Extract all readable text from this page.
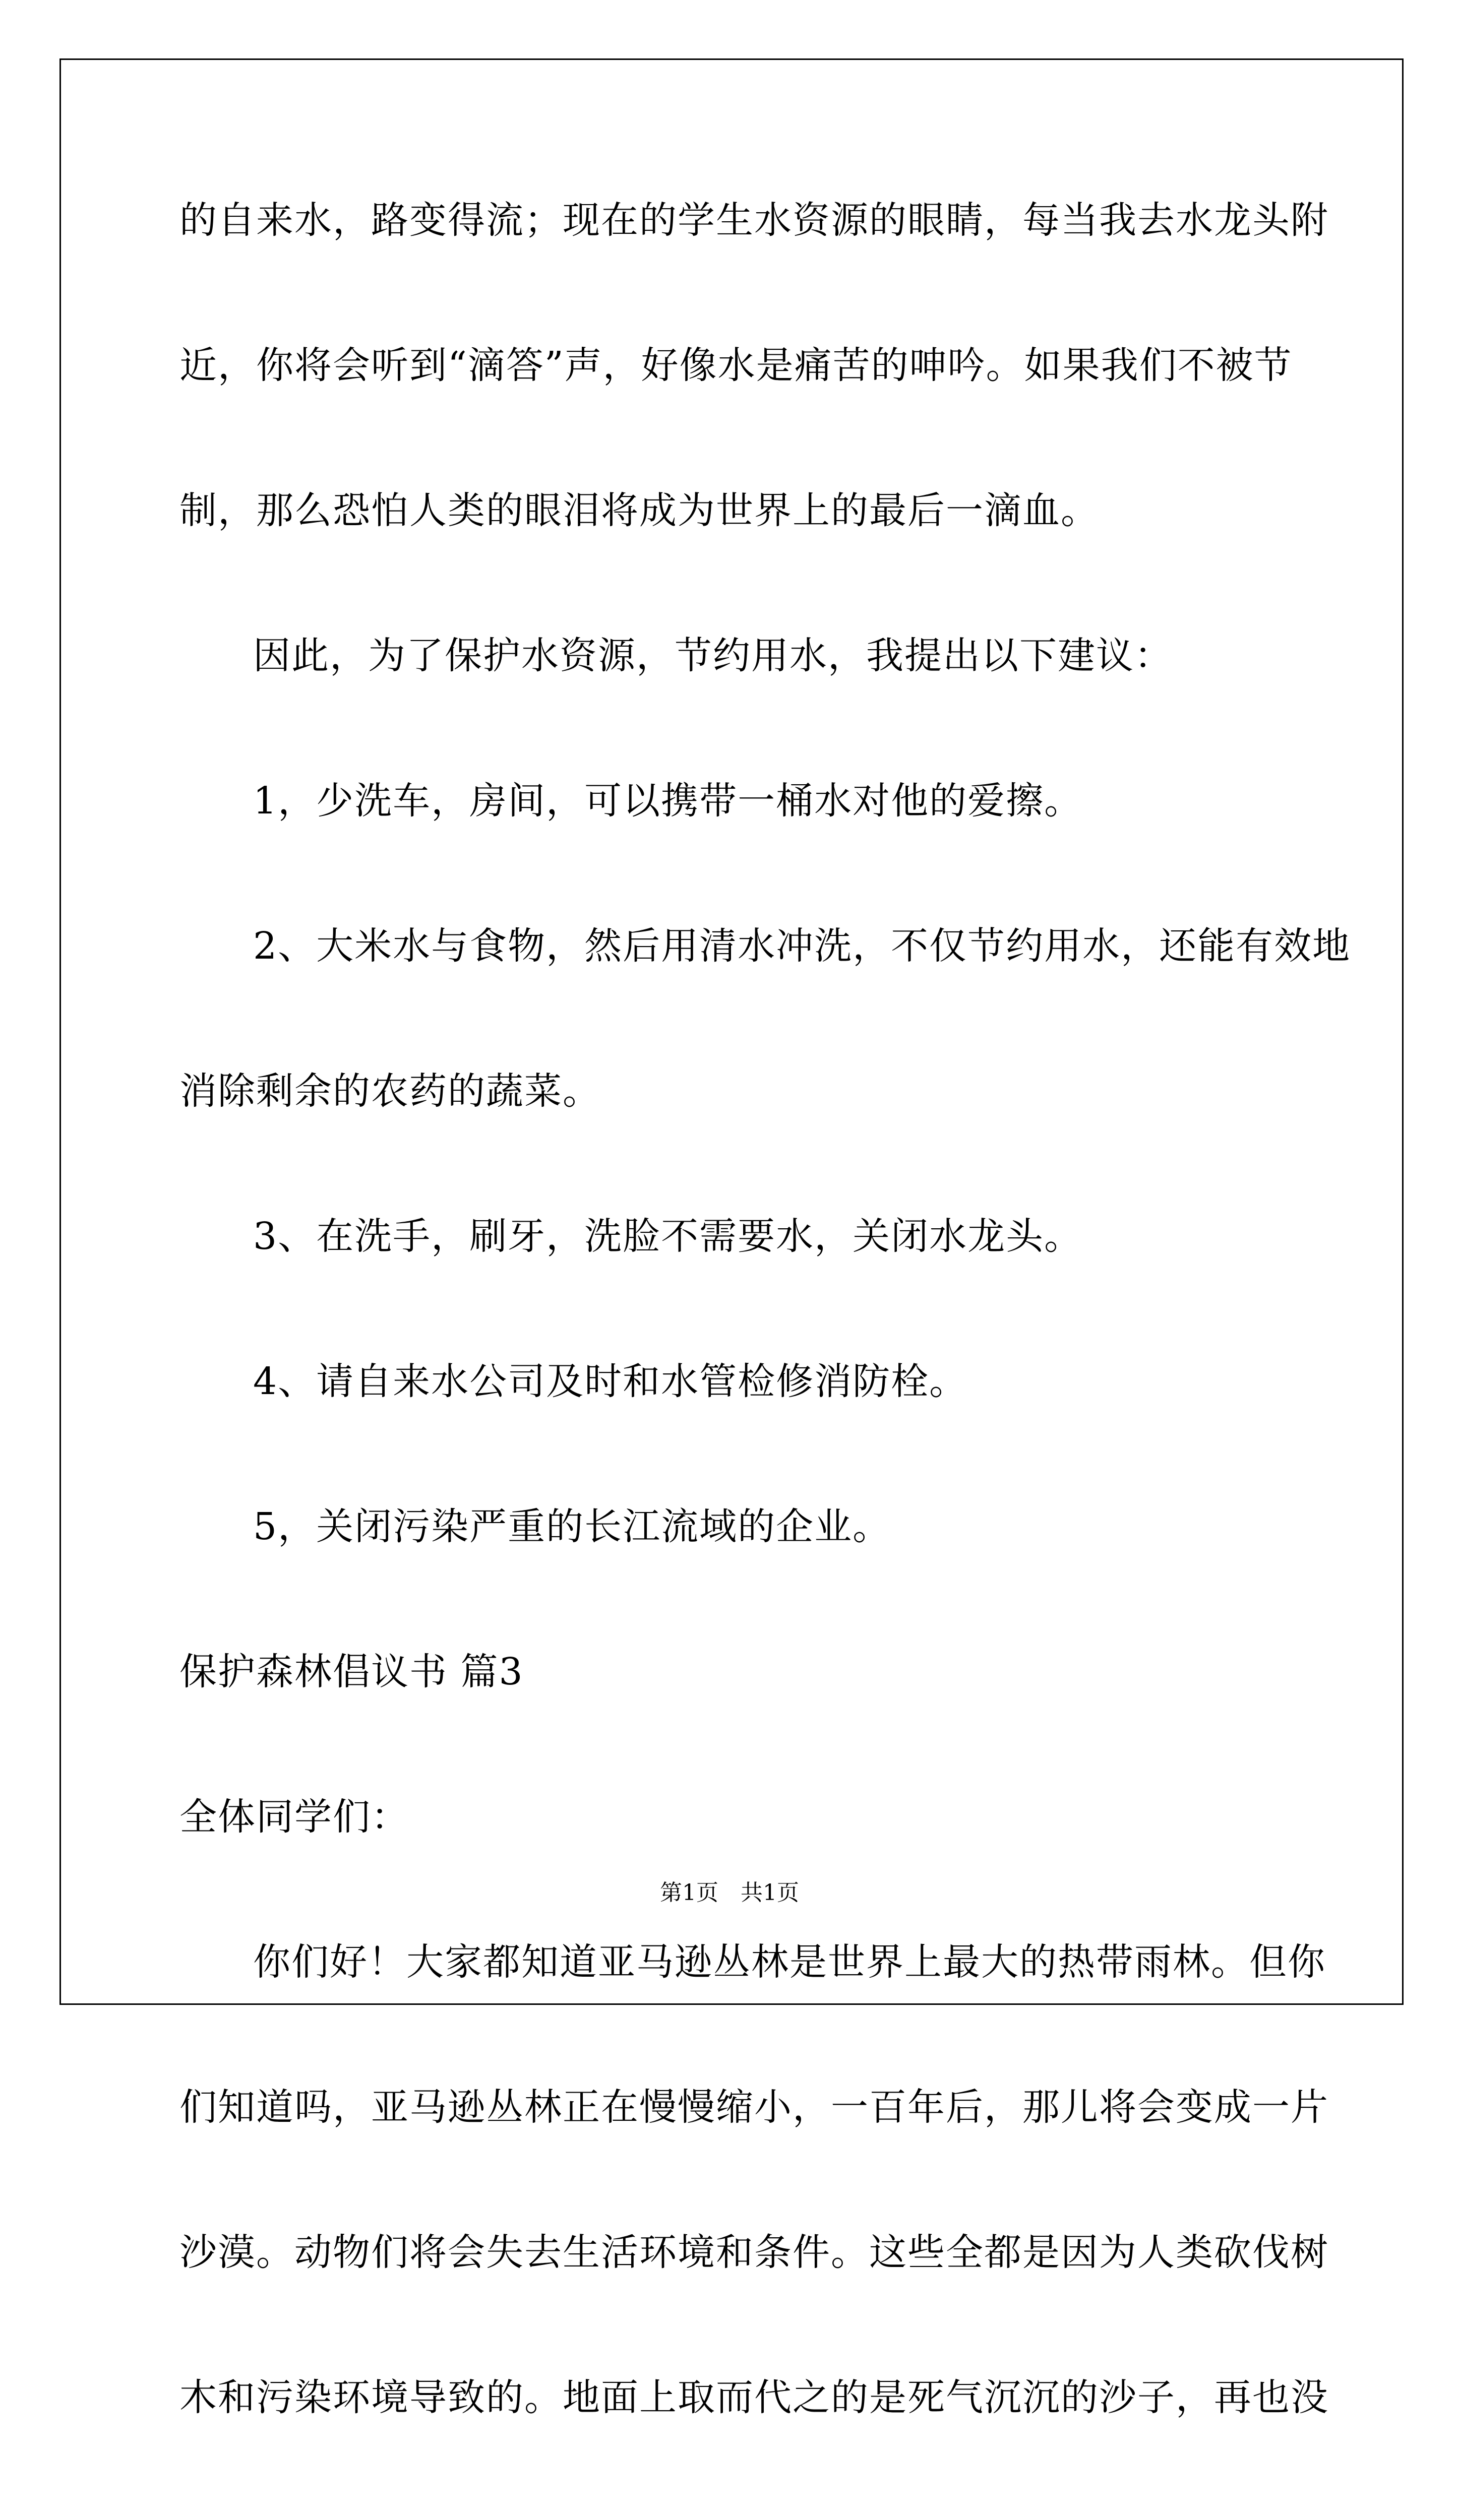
的自来水，路变得流；现在的学生水资源的眼睛，每当我去水龙头附
近，你将会听到“滴答”声，好像水是痛苦的呻吟。如果我们不被节
制，那么恐怕人类的眼泪将成为世界上的最后一滴血。
因此，为了保护水资源，节约用水，我提出以下建议：
1，少洗车，房间，可以携带一桶水对他的爱擦。
2、大米水与食物，然后用清水冲洗，不仅节约用水，还能有效地
消除剩余的农药的蔬菜。
3、在洗手，刷牙，洗脸不需要水，关闭水龙头。
4、请自来水公司及时和水管检修消防栓。
5，关闭污染严重的长江流域的企业。
保护森林倡议书 篇3
全体同学们：
你们好！大家都知道亚马逊丛林是世界上最大的热带雨林。但你
们知道吗，亚马逊丛林正在慢慢缩小，一百年后，那儿将会变成一片
沙漠。动物们将会失去生活环境和条件。这些全都是因为人类砍伐树
木和污染环境导致的。地面上取而代之的是死气沉沉的沙子，再也没
第1页　共1页
